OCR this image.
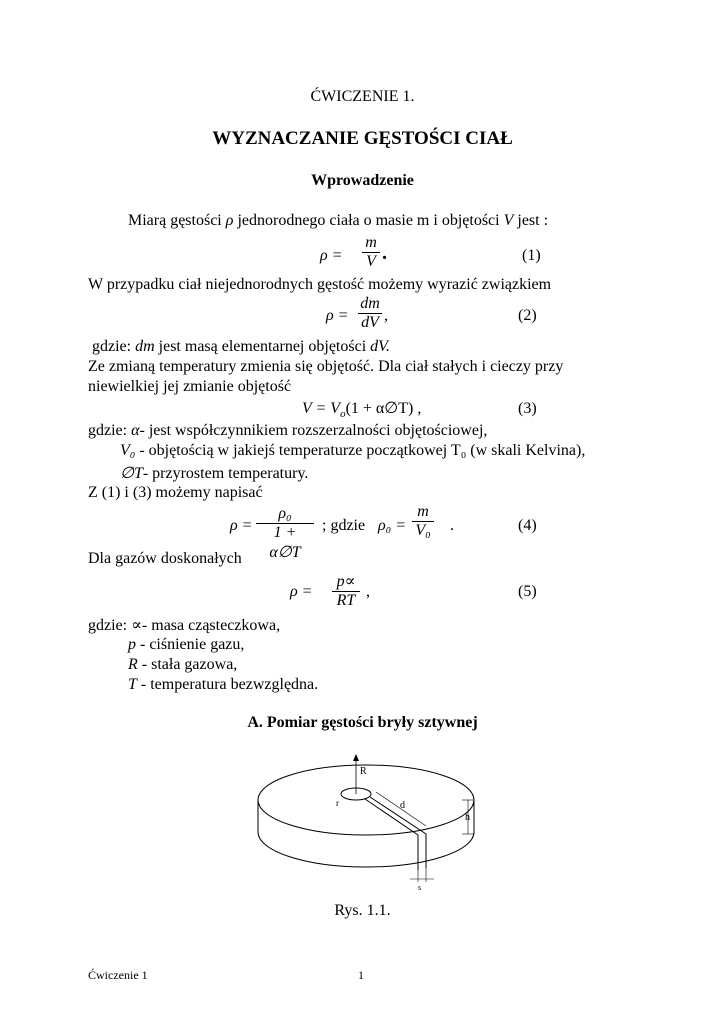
ĆWICZENIE 1.
WYZNACZANIE GĘSTOŚCI CIAŁ
Wprowadzenie
Miarą gęstości ρ jednorodnego ciała o masie m i objętości V jest :
ρ =
m
V .	(1)
W przypadku ciał niejednorodnych gęstość możemy wyrazić związkiem
ρ =
dm
dV ,	(2)
gdzie: dm jest masą elementarnej objętości dV.
Ze zmianą temperatury zmienia się objętość. Dla ciał stałych i cieczy przy
niewielkiej jej zmianie objętość
$V = V_o(1$ + α∅T) ,	(3)
gdzie: α- jest współczynnikiem rozszerzalności objętościowej,
V₀ - objętością w jakiejś temperaturze początkowej T₀ (w skali Kelvina),
∅T- przyrostem temperatury.
Z (1) i (3) możemy napisać
ρ =
ρ₀
1 + α∅T
; gdzie ρ₀ =
m
V₀ .	(4)
Dla gazów doskonałych
ρ =
p∝
RT
,	(5)
gdzie: ∝- masa cząsteczkowa,
p - ciśnienie gazu,
R - stała gazowa,
T - temperatura bezwzględna.
A. Pomiar gęstości bryły sztywnej
R
r	d
h
s
Rys. 1.1.
Ćwiczenie 1	1
